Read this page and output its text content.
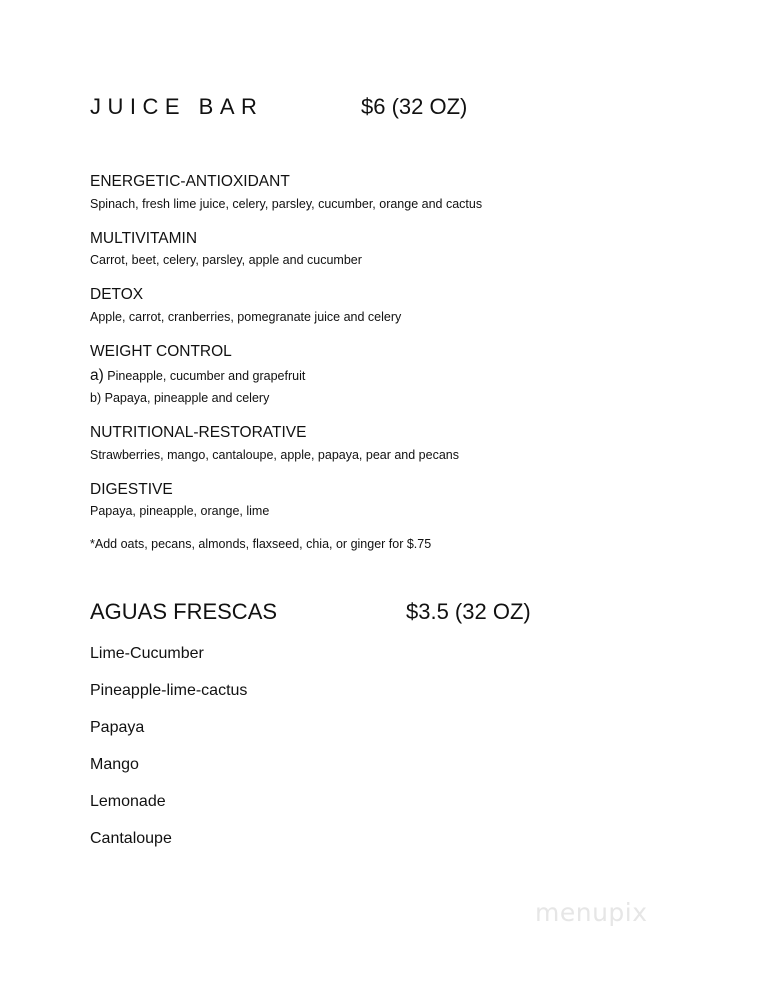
JUICE BAR	$6 (32 OZ)
ENERGETIC-ANTIOXIDANT
Spinach, fresh lime juice, celery, parsley, cucumber, orange and cactus
MULTIVITAMIN
Carrot, beet, celery, parsley, apple and cucumber
DETOX
Apple, carrot, cranberries, pomegranate juice and celery
WEIGHT CONTROL
a) Pineapple, cucumber and grapefruit
b) Papaya, pineapple and celery
NUTRITIONAL-RESTORATIVE
Strawberries, mango, cantaloupe, apple, papaya, pear and pecans
DIGESTIVE
Papaya, pineapple, orange, lime
*Add oats, pecans, almonds, flaxseed, chia, or ginger for $.75
AGUAS FRESCAS	$3.5 (32 OZ)
Lime-Cucumber
Pineapple-lime-cactus
Papaya
Mango
Lemonade
Cantaloupe
menupix
